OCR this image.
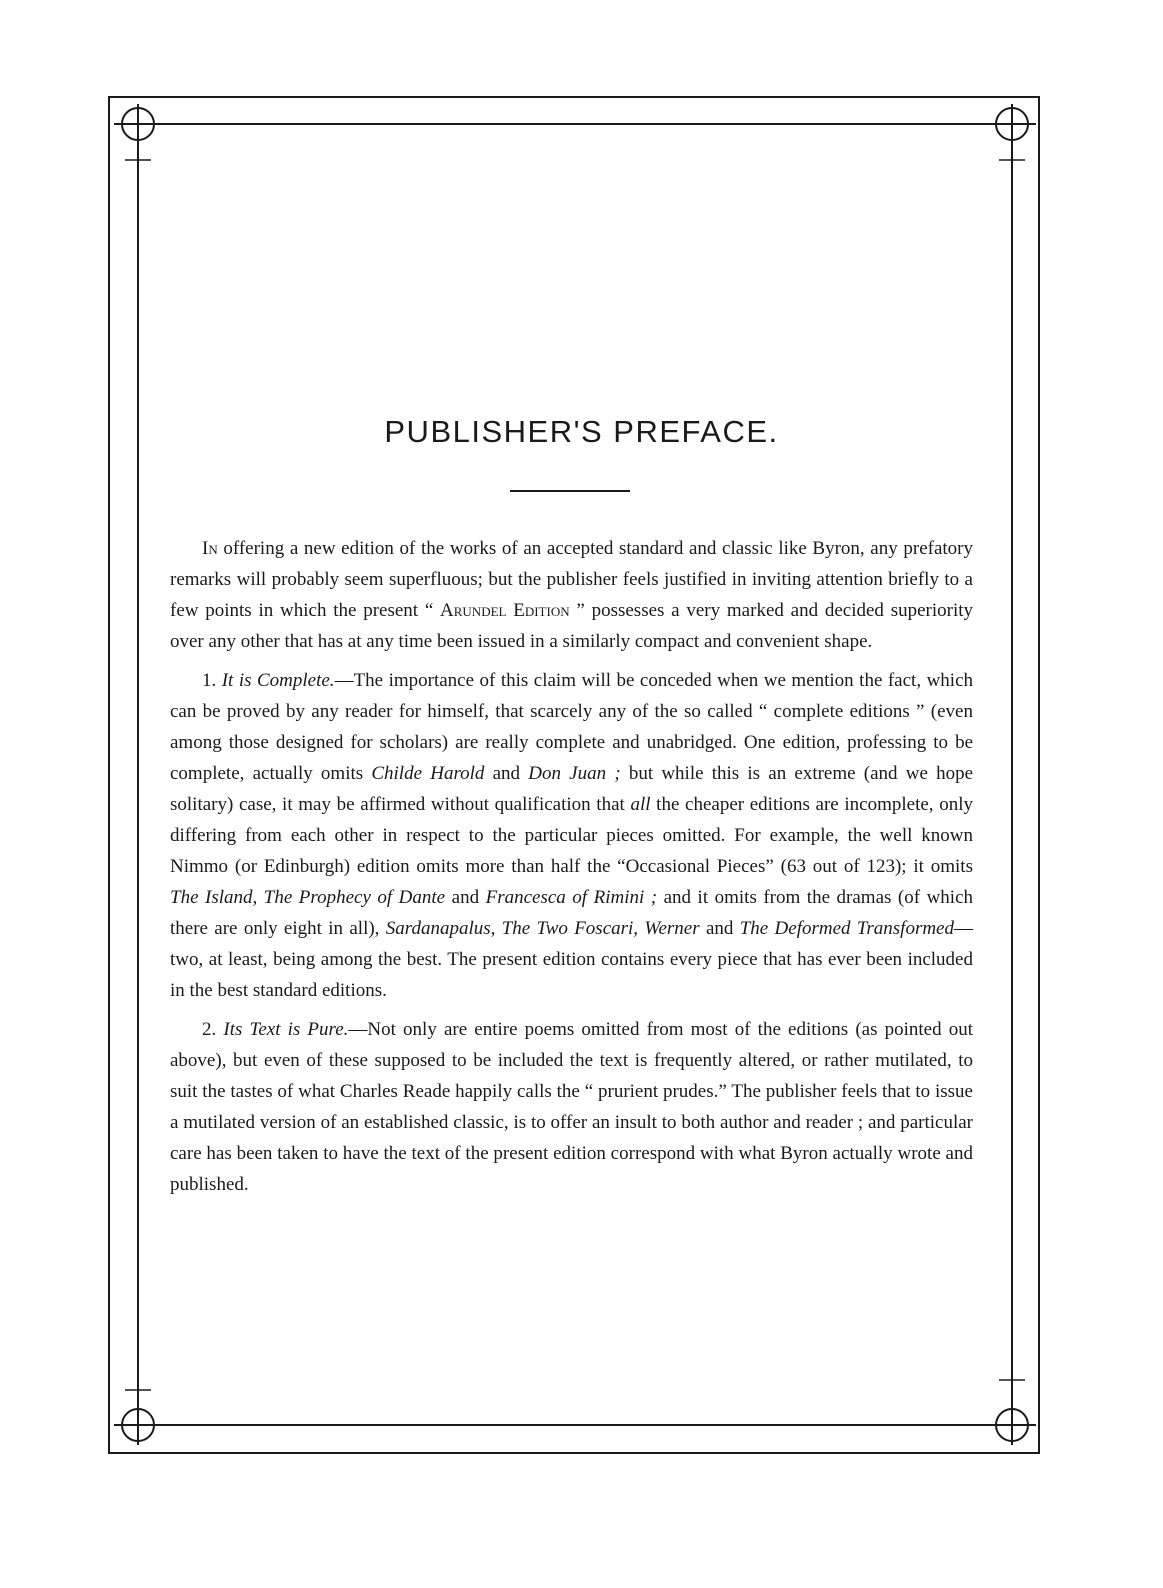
PUBLISHER'S PREFACE.

In offering a new edition of the works of an accepted standard and classic like Byron, any prefatory remarks will probably seem superfluous; but the publisher feels justified in inviting attention briefly to a few points in which the present “ Arundel Edition ” possesses a very marked and decided superiority over any other that has at any time been issued in a similarly compact and convenient shape.

1. It is Complete.—The importance of this claim will be conceded when we mention the fact, which can be proved by any reader for himself, that scarcely any of the so called “ complete editions ” (even among those designed for scholars) are really complete and unabridged. One edition, professing to be complete, actually omits Childe Harold and Don Juan ; but while this is an extreme (and we hope solitary) case, it may be affirmed without qualification that all the cheaper editions are incomplete, only differing from each other in respect to the particular pieces omitted. For example, the well known Nimmo (or Edinburgh) edition omits more than half the “Occasional Pieces” (63 out of 123); it omits The Island, The Prophecy of Dante and Francesca of Rimini ; and it omits from the dramas (of which there are only eight in all), Sardanapalus, The Two Foscari, Werner and The Deformed Transformed—two, at least, being among the best. The present edition contains every piece that has ever been included in the best standard editions.

2. Its Text is Pure.—Not only are entire poems omitted from most of the editions (as pointed out above), but even of these supposed to be included the text is frequently altered, or rather mutilated, to suit the tastes of what Charles Reade happily calls the “ prurient prudes.” The publisher feels that to issue a mutilated version of an established classic, is to offer an insult to both author and reader ; and particular care has been taken to have the text of the present edition correspond with what Byron actually wrote and published.
